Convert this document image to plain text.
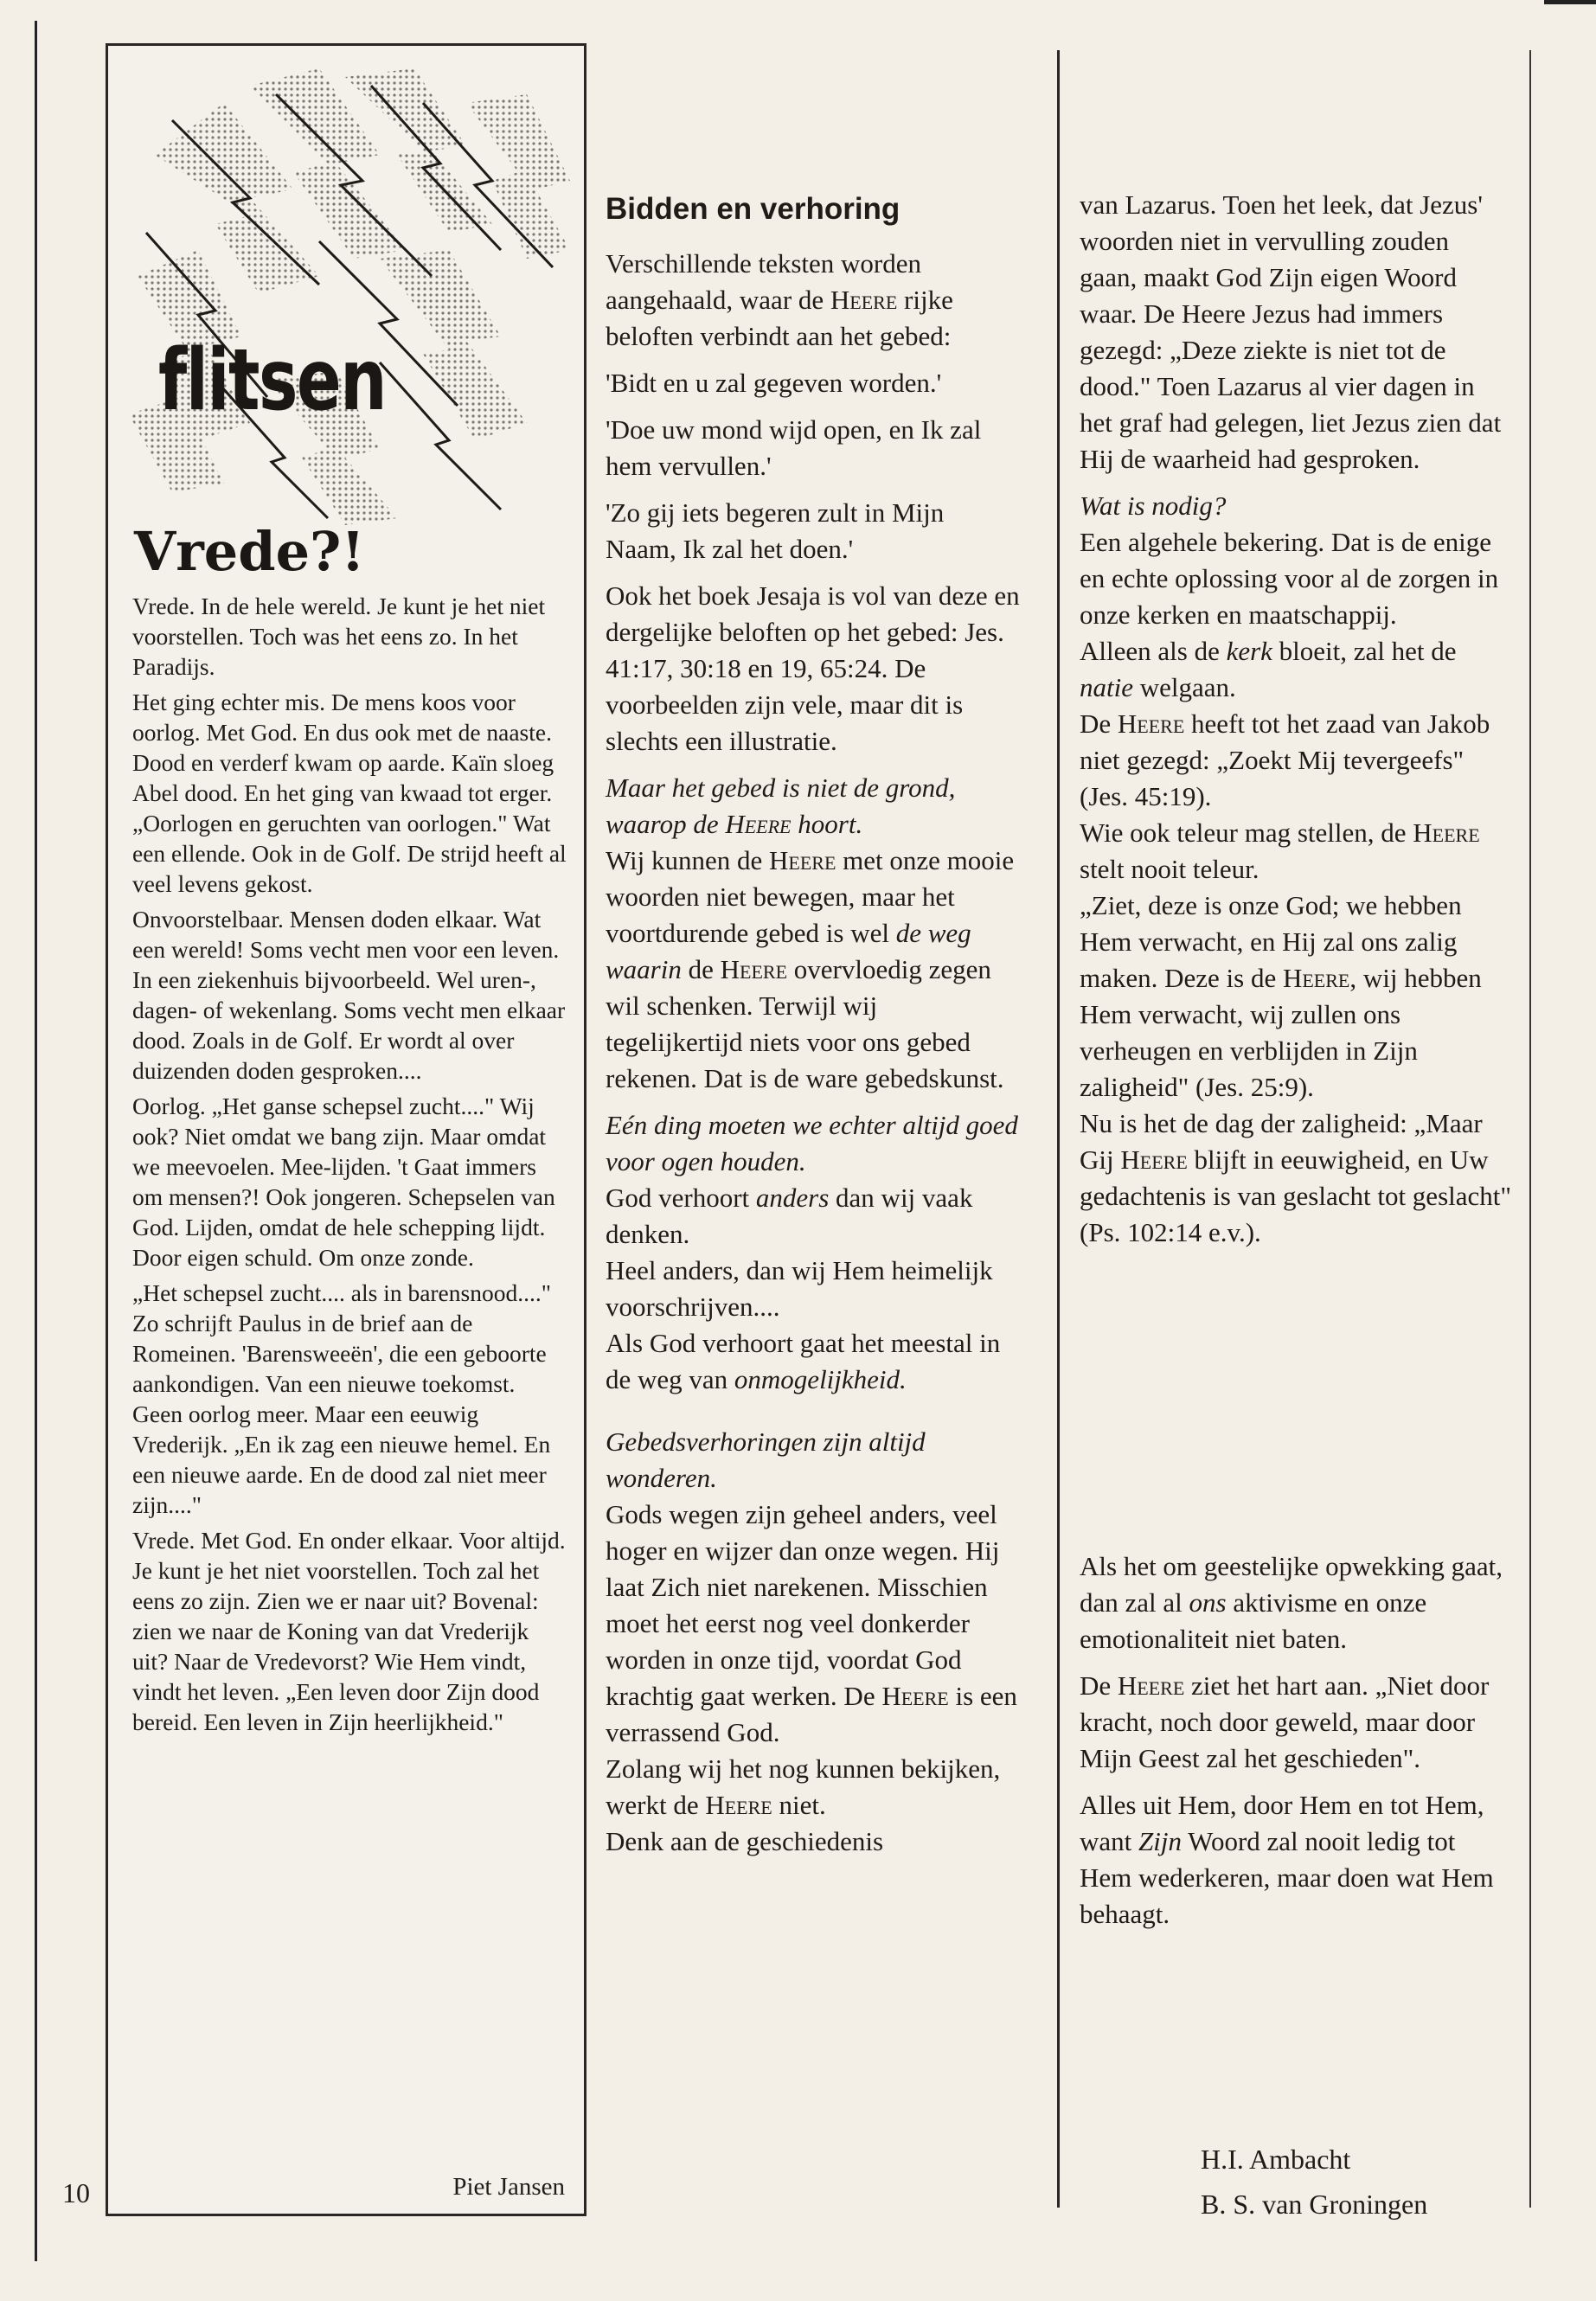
flitsen
Vrede?!

Vrede. In de hele wereld. Je kunt je het niet voorstellen. Toch was het eens zo. In het Paradijs.

Het ging echter mis. De mens koos voor oorlog. Met God. En dus ook met de naaste. Dood en verderf kwam op aarde. Kaïn sloeg Abel dood. En het ging van kwaad tot erger. „Oorlogen en geruchten van oorlogen." Wat een ellende. Ook in de Golf. De strijd heeft al veel levens gekost.

Onvoorstelbaar. Mensen doden elkaar. Wat een wereld! Soms vecht men voor een leven. In een ziekenhuis bijvoorbeeld. Wel uren-, dagen- of wekenlang. Soms vecht men elkaar dood. Zoals in de Golf. Er wordt al over duizenden doden gesproken....

Oorlog. „Het ganse schepsel zucht...." Wij ook? Niet omdat we bang zijn. Maar omdat we meevoelen. Mee-lijden. 't Gaat immers om mensen?! Ook jongeren. Schepselen van God. Lijden, omdat de hele schepping lijdt. Door eigen schuld. Om onze zonde.

„Het schepsel zucht.... als in barensnood...." Zo schrijft Paulus in de brief aan de Romeinen. 'Barensweeën', die een geboorte aankondigen. Van een nieuwe toekomst. Geen oorlog meer. Maar een eeuwig Vrederijk. „En ik zag een nieuwe hemel. En een nieuwe aarde. En de dood zal niet meer zijn...."

Vrede. Met God. En onder elkaar. Voor altijd. Je kunt je het niet voorstellen. Toch zal het eens zo zijn. Zien we er naar uit? Bovenal: zien we naar de Koning van dat Vrederijk uit? Naar de Vredevorst? Wie Hem vindt, vindt het leven. „Een leven door Zijn dood bereid. Een leven in Zijn heerlijkheid."

Piet Jansen
10
Bidden en verhoring

Verschillende teksten worden aangehaald, waar de Heere rijke beloften verbindt aan het gebed:

'Bidt en u zal gegeven worden.'

'Doe uw mond wijd open, en Ik zal hem vervullen.'

'Zo gij iets begeren zult in Mijn Naam, Ik zal het doen.'

Ook het boek Jesaja is vol van deze en dergelijke beloften op het gebed: Jes. 41:17, 30:18 en 19, 65:24. De voorbeelden zijn vele, maar dit is slechts een illustratie.

Maar het gebed is niet de grond, waarop de Heere hoort.
Wij kunnen de Heere met onze mooie woorden niet bewegen, maar het voortdurende gebed is wel de weg waarin de Heere overvloedig zegen wil schenken. Terwijl wij tegelijkertijd niets voor ons gebed rekenen. Dat is de ware gebedskunst.

Eén ding moeten we echter altijd goed voor ogen houden.
God verhoort anders dan wij vaak denken.
Heel anders, dan wij Hem heimelijk voorschrijven....
Als God verhoort gaat het meestal in de weg van onmogelijkheid.

Gebedsverhoringen zijn altijd wonderen.
Gods wegen zijn geheel anders, veel hoger en wijzer dan onze wegen. Hij laat Zich niet narekenen. Misschien moet het eerst nog veel donkerder worden in onze tijd, voordat God krachtig gaat werken. De Heere is een verrassend God.
Zolang wij het nog kunnen bekijken, werkt de Heere niet.
Denk aan de geschiedenis

van Lazarus. Toen het leek, dat Jezus' woorden niet in vervulling zouden gaan, maakt God Zijn eigen Woord waar. De Heere Jezus had immers gezegd: „Deze ziekte is niet tot de dood." Toen Lazarus al vier dagen in het graf had gelegen, liet Jezus zien dat Hij de waarheid had gesproken.

Wat is nodig?

Een algehele bekering. Dat is de enige en echte oplossing voor al de zorgen in onze kerken en maatschappij.

Alleen als de kerk bloeit, zal het de natie welgaan.

De Heere heeft tot het zaad van Jakob niet gezegd: „Zoekt Mij tevergeefs" (Jes. 45:19).

Wie ook teleur mag stellen, de Heere stelt nooit teleur.

„Ziet, deze is onze God; we hebben Hem verwacht, en Hij zal ons zalig maken. Deze is de Heere, wij hebben Hem verwacht, wij zullen ons verheugen en verblijden in Zijn zaligheid" (Jes. 25:9).

Nu is het de dag der zaligheid: „Maar Gij Heere blijft in eeuwigheid, en Uw gedachtenis is van geslacht tot geslacht" (Ps. 102:14 e.v.).

Als het om geestelijke opwekking gaat, dan zal al ons aktivisme en onze emotionaliteit niet baten.

De Heere ziet het hart aan. „Niet door kracht, noch door geweld, maar door Mijn Geest zal het geschieden".

Alles uit Hem, door Hem en tot Hem, want Zijn Woord zal nooit ledig tot Hem wederkeren, maar doen wat Hem behaagt.

H.I. Ambacht
B. S. van Groningen
